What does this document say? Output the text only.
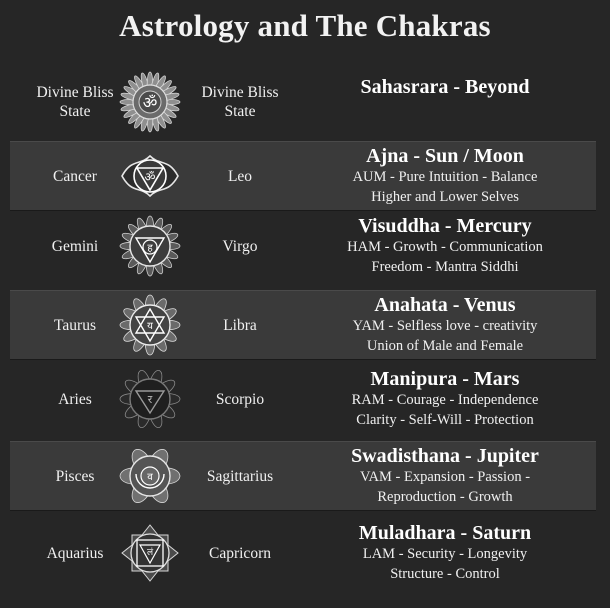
Astrology and The Chakras
Divine Bliss
State	ॐ
Divine Bliss
State
Sahasrara - Beyond
Cancer	ॐ	Leo
Ajna - Sun / Moon
AUM - Pure Intuition - Balance
Higher and Lower Selves
Gemini	ह	Virgo
Visuddha - Mercury
HAM - Growth - Communication
Freedom - Mantra Siddhi
Taurus	य	Libra
Anahata - Venus
YAM - Selfless love - creativity
Union of Male and Female
Aries	र	Scorpio
Manipura - Mars
RAM - Courage - Independence
Clarity - Self-Will - Protection
Pisces	व	Sagittarius
Swadisthana - Jupiter
VAM - Expansion - Passion -
Reproduction - Growth
Aquarius	लं	Capricorn
Muladhara - Saturn
LAM - Security - Longevity
Structure - Control
